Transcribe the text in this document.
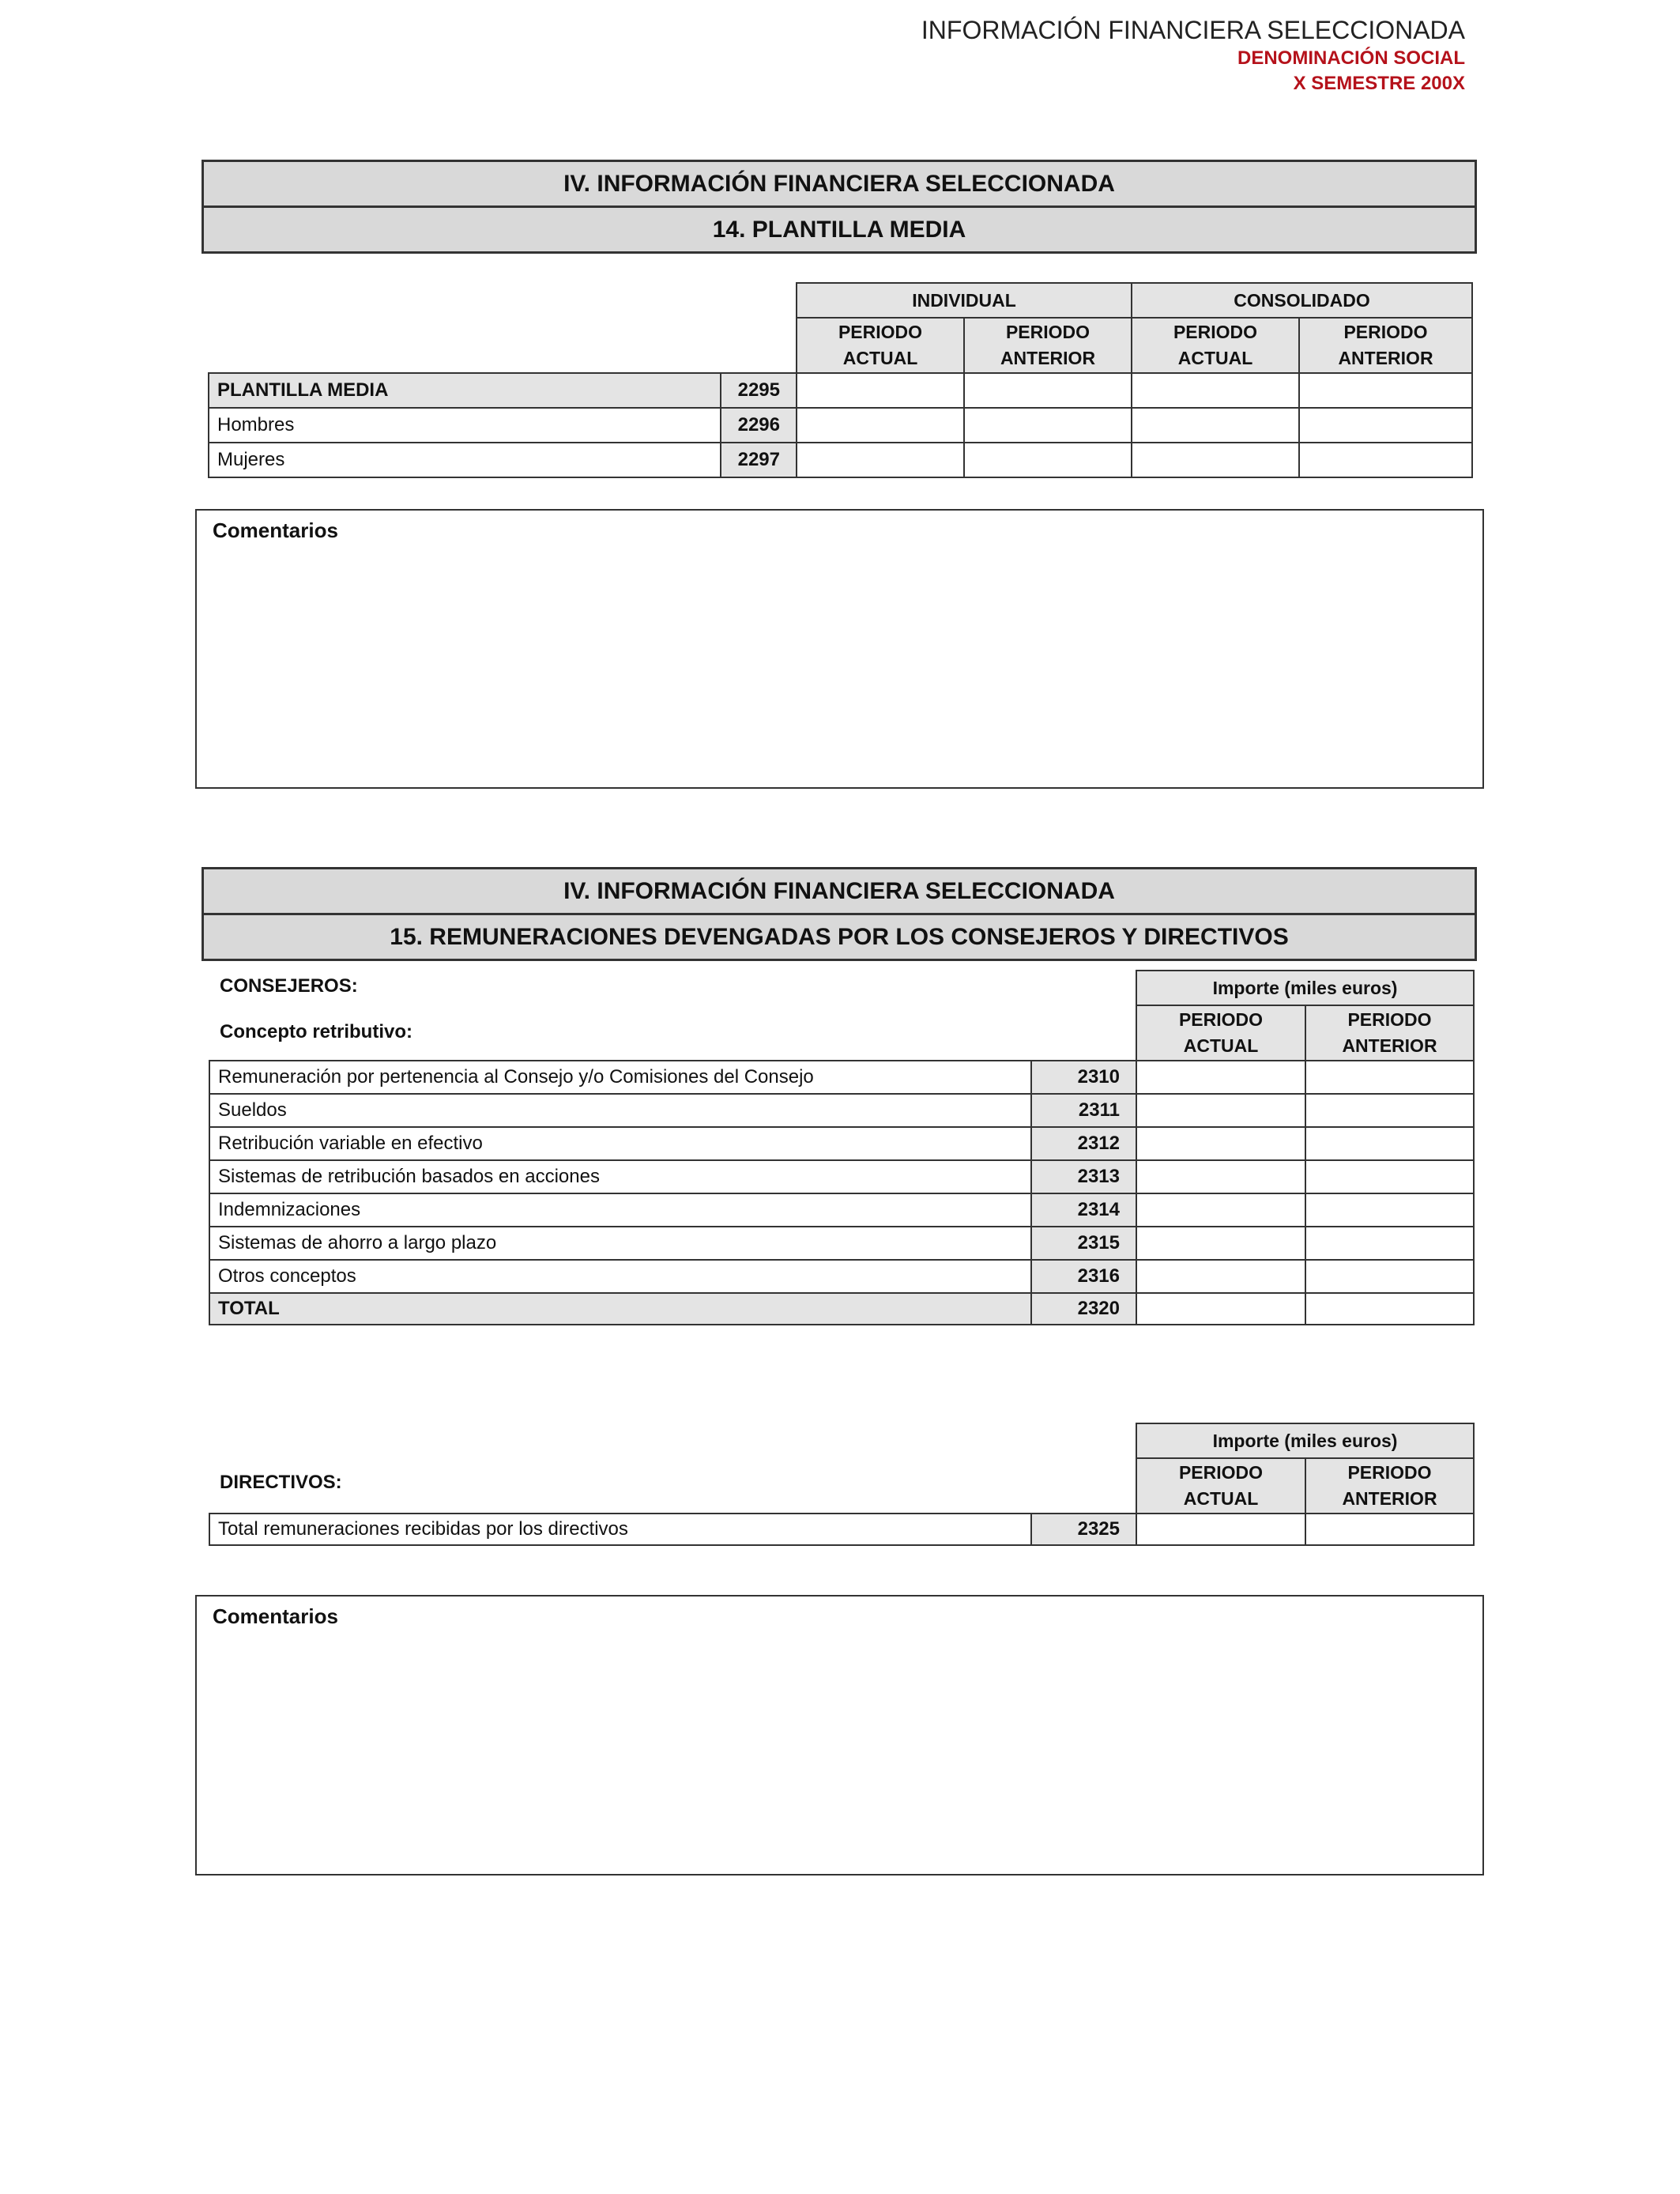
INFORMACIÓN FINANCIERA SELECCIONADA
DENOMINACIÓN SOCIAL
X SEMESTRE 200X
IV. INFORMACIÓN FINANCIERA SELECCIONADA
14. PLANTILLA MEDIA
		INDIVIDUAL		CONSOLIDADO	
		PERIODO ACTUAL	PERIODO ANTERIOR	PERIODO ACTUAL	PERIODO ANTERIOR
PLANTILLA MEDIA	2295				
Hombres	2296				
Mujeres	2297				
Comentarios
IV. INFORMACIÓN FINANCIERA SELECCIONADA
15. REMUNERACIONES DEVENGADAS POR LOS CONSEJEROS Y DIRECTIVOS
CONSEJEROS:
Concepto retributivo:
		Importe (miles euros)	
		PERIODO ACTUAL	PERIODO ANTERIOR
Remuneración por pertenencia al Consejo y/o Comisiones del Consejo	2310		
Sueldos	2311		
Retribución variable en efectivo	2312		
Sistemas de retribución basados en acciones	2313		
Indemnizaciones	2314		
Sistemas de ahorro a largo plazo	2315		
Otros conceptos	2316		
TOTAL	2320		
DIRECTIVOS:
		Importe (miles euros)	
		PERIODO ACTUAL	PERIODO ANTERIOR
Total remuneraciones recibidas por los directivos	2325		
Comentarios
